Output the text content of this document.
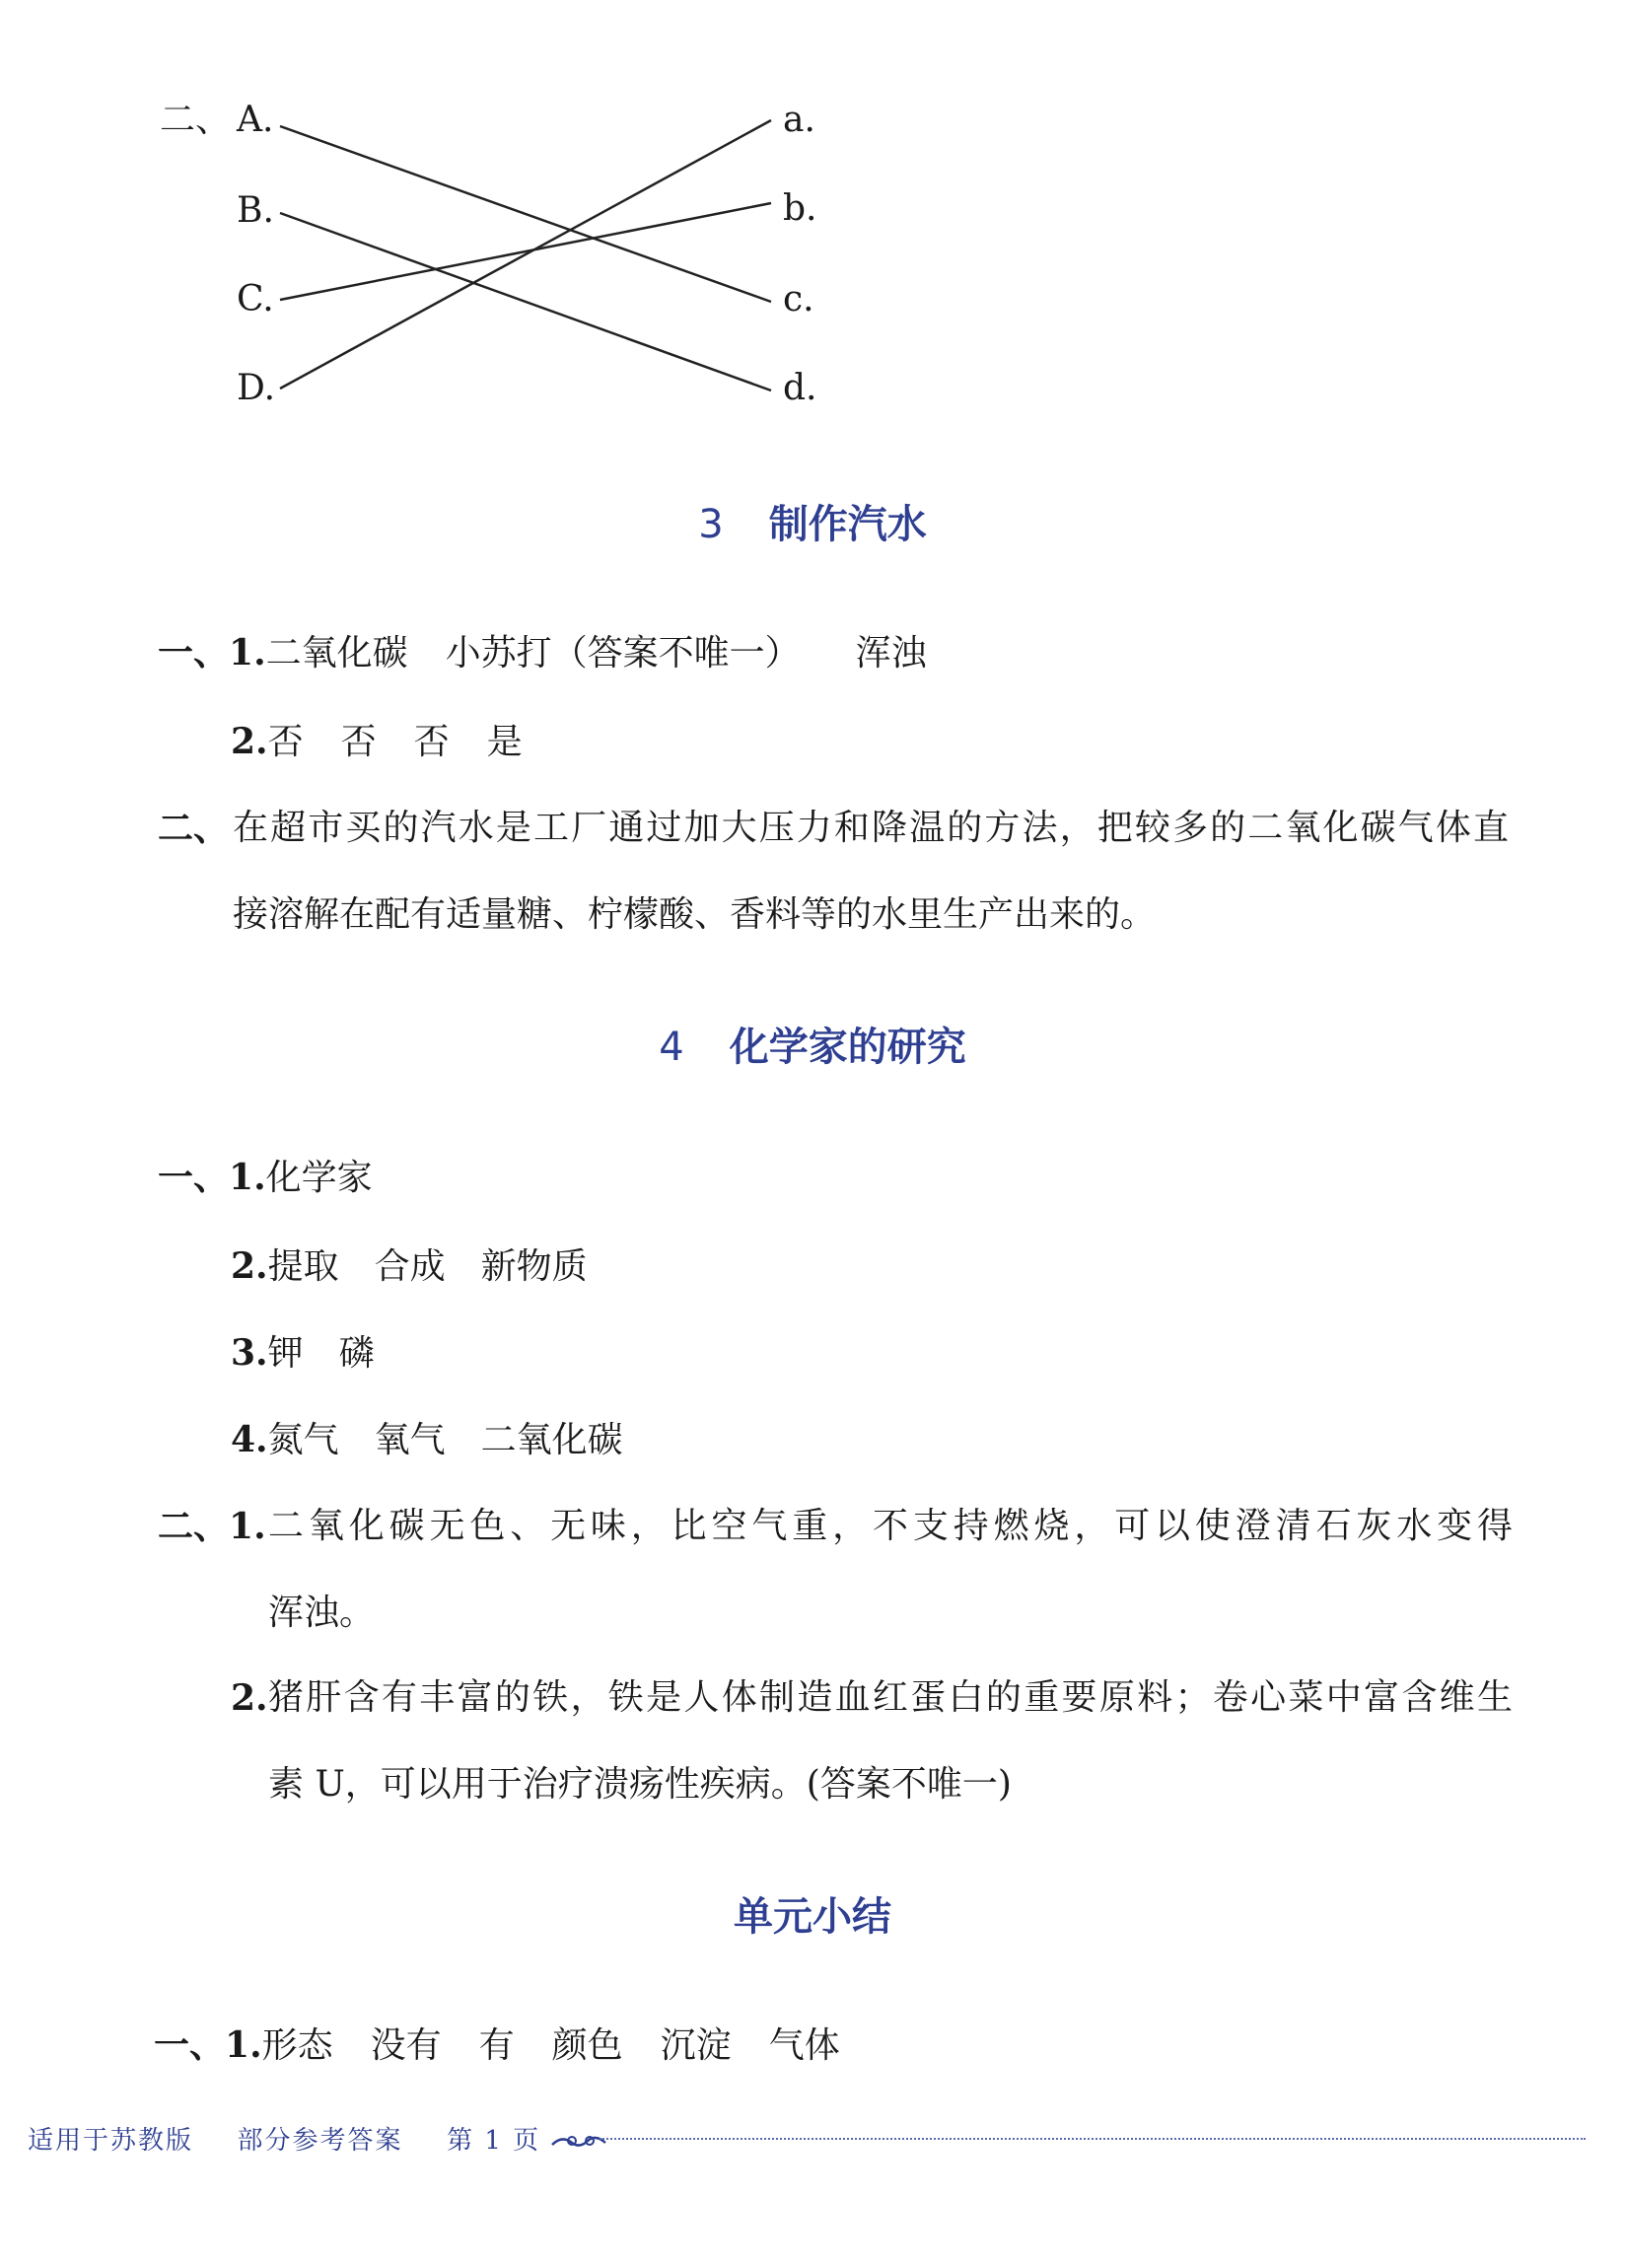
二、 A.
B.
C.
D.
a.
b.
c.
d.
3 制作汽水
一、1.二氧化碳 小苏打（答案不唯一） 浑浊
2.否 否 否 是
二、 在超市买的汽水是工厂通过加大压力和降温的方法，把较多的二氧化碳气体直
接溶解在配有适量糖、柠檬酸、香料等的水里生产出来的。
4 化学家的研究
一、1.化学家
2.提取　合成　新物质
3.钾　磷
4.氮气　氧气　二氧化碳
二、1. 二氧化碳无色、无味，比空气重，不支持燃烧，可以使澄清石灰水变得
浑浊。
2. 猪肝含有丰富的铁，铁是人体制造血红蛋白的重要原料；卷心菜中富含维生
素 U，可以用于治疗溃疡性疾病。(答案不唯一)
单元小结
一、1.形态 没有 有 颜色 沉淀 气体
适用于苏教版 部分参考答案 第 1 页
